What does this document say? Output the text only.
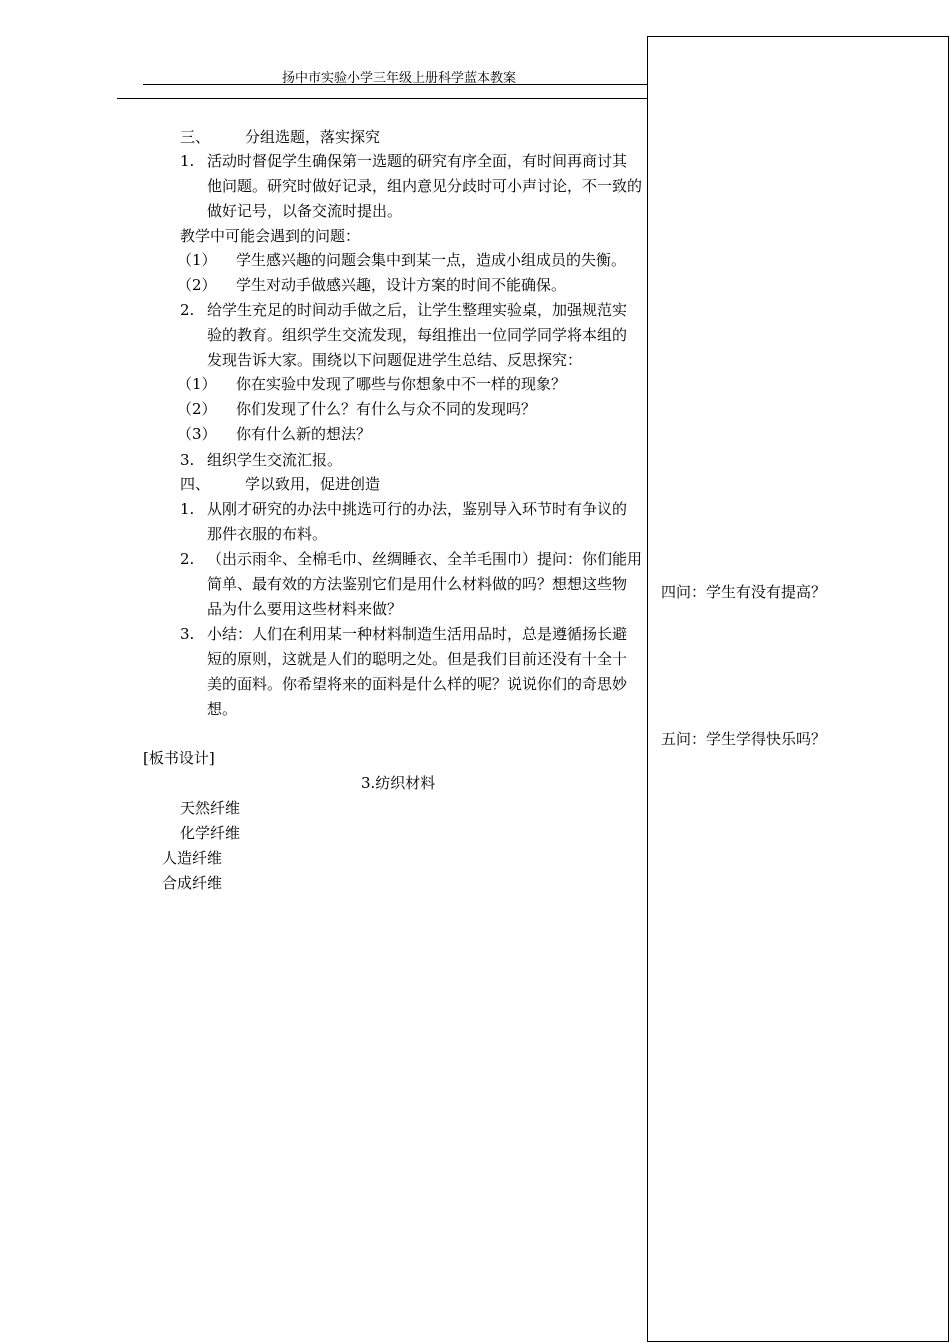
扬中市实验小学三年级上册科学蓝本教案
三、 分组选题，落实探究
1. 活动时督促学生确保第一选题的研究有序全面，有时间再商讨其
他问题。研究时做好记录，组内意见分歧时可小声讨论，不一致的
做好记号，以备交流时提出。
教学中可能会遇到的问题：
（1） 学生感兴趣的问题会集中到某一点，造成小组成员的失衡。
（2） 学生对动手做感兴趣，设计方案的时间不能确保。
2. 给学生充足的时间动手做之后，让学生整理实验桌，加强规范实
验的教育。组织学生交流发现，每组推出一位同学同学将本组的
发现告诉大家。围绕以下问题促进学生总结、反思探究：
（1） 你在实验中发现了哪些与你想象中不一样的现象？
（2） 你们发现了什么？有什么与众不同的发现吗？
（3） 你有什么新的想法？
3. 组织学生交流汇报。
四、 学以致用，促进创造
1. 从刚才研究的办法中挑选可行的办法，鉴别导入环节时有争议的
那件衣服的布料。
2. （出示雨伞、全棉毛巾、丝绸睡衣、全羊毛围巾）提问：你们能用
简单、最有效的方法鉴别它们是用什么材料做的吗？想想这些物
品为什么要用这些材料来做？
3. 小结：人们在利用某一种材料制造生活用品时，总是遵循扬长避
短的原则，这就是人们的聪明之处。但是我们目前还没有十全十
美的面料。你希望将来的面料是什么样的呢？说说你们的奇思妙
想。
[板书设计]
3.纺织材料
天然纤维
化学纤维
人造纤维
合成纤维
四问：学生有没有提高？
五问：学生学得快乐吗？
